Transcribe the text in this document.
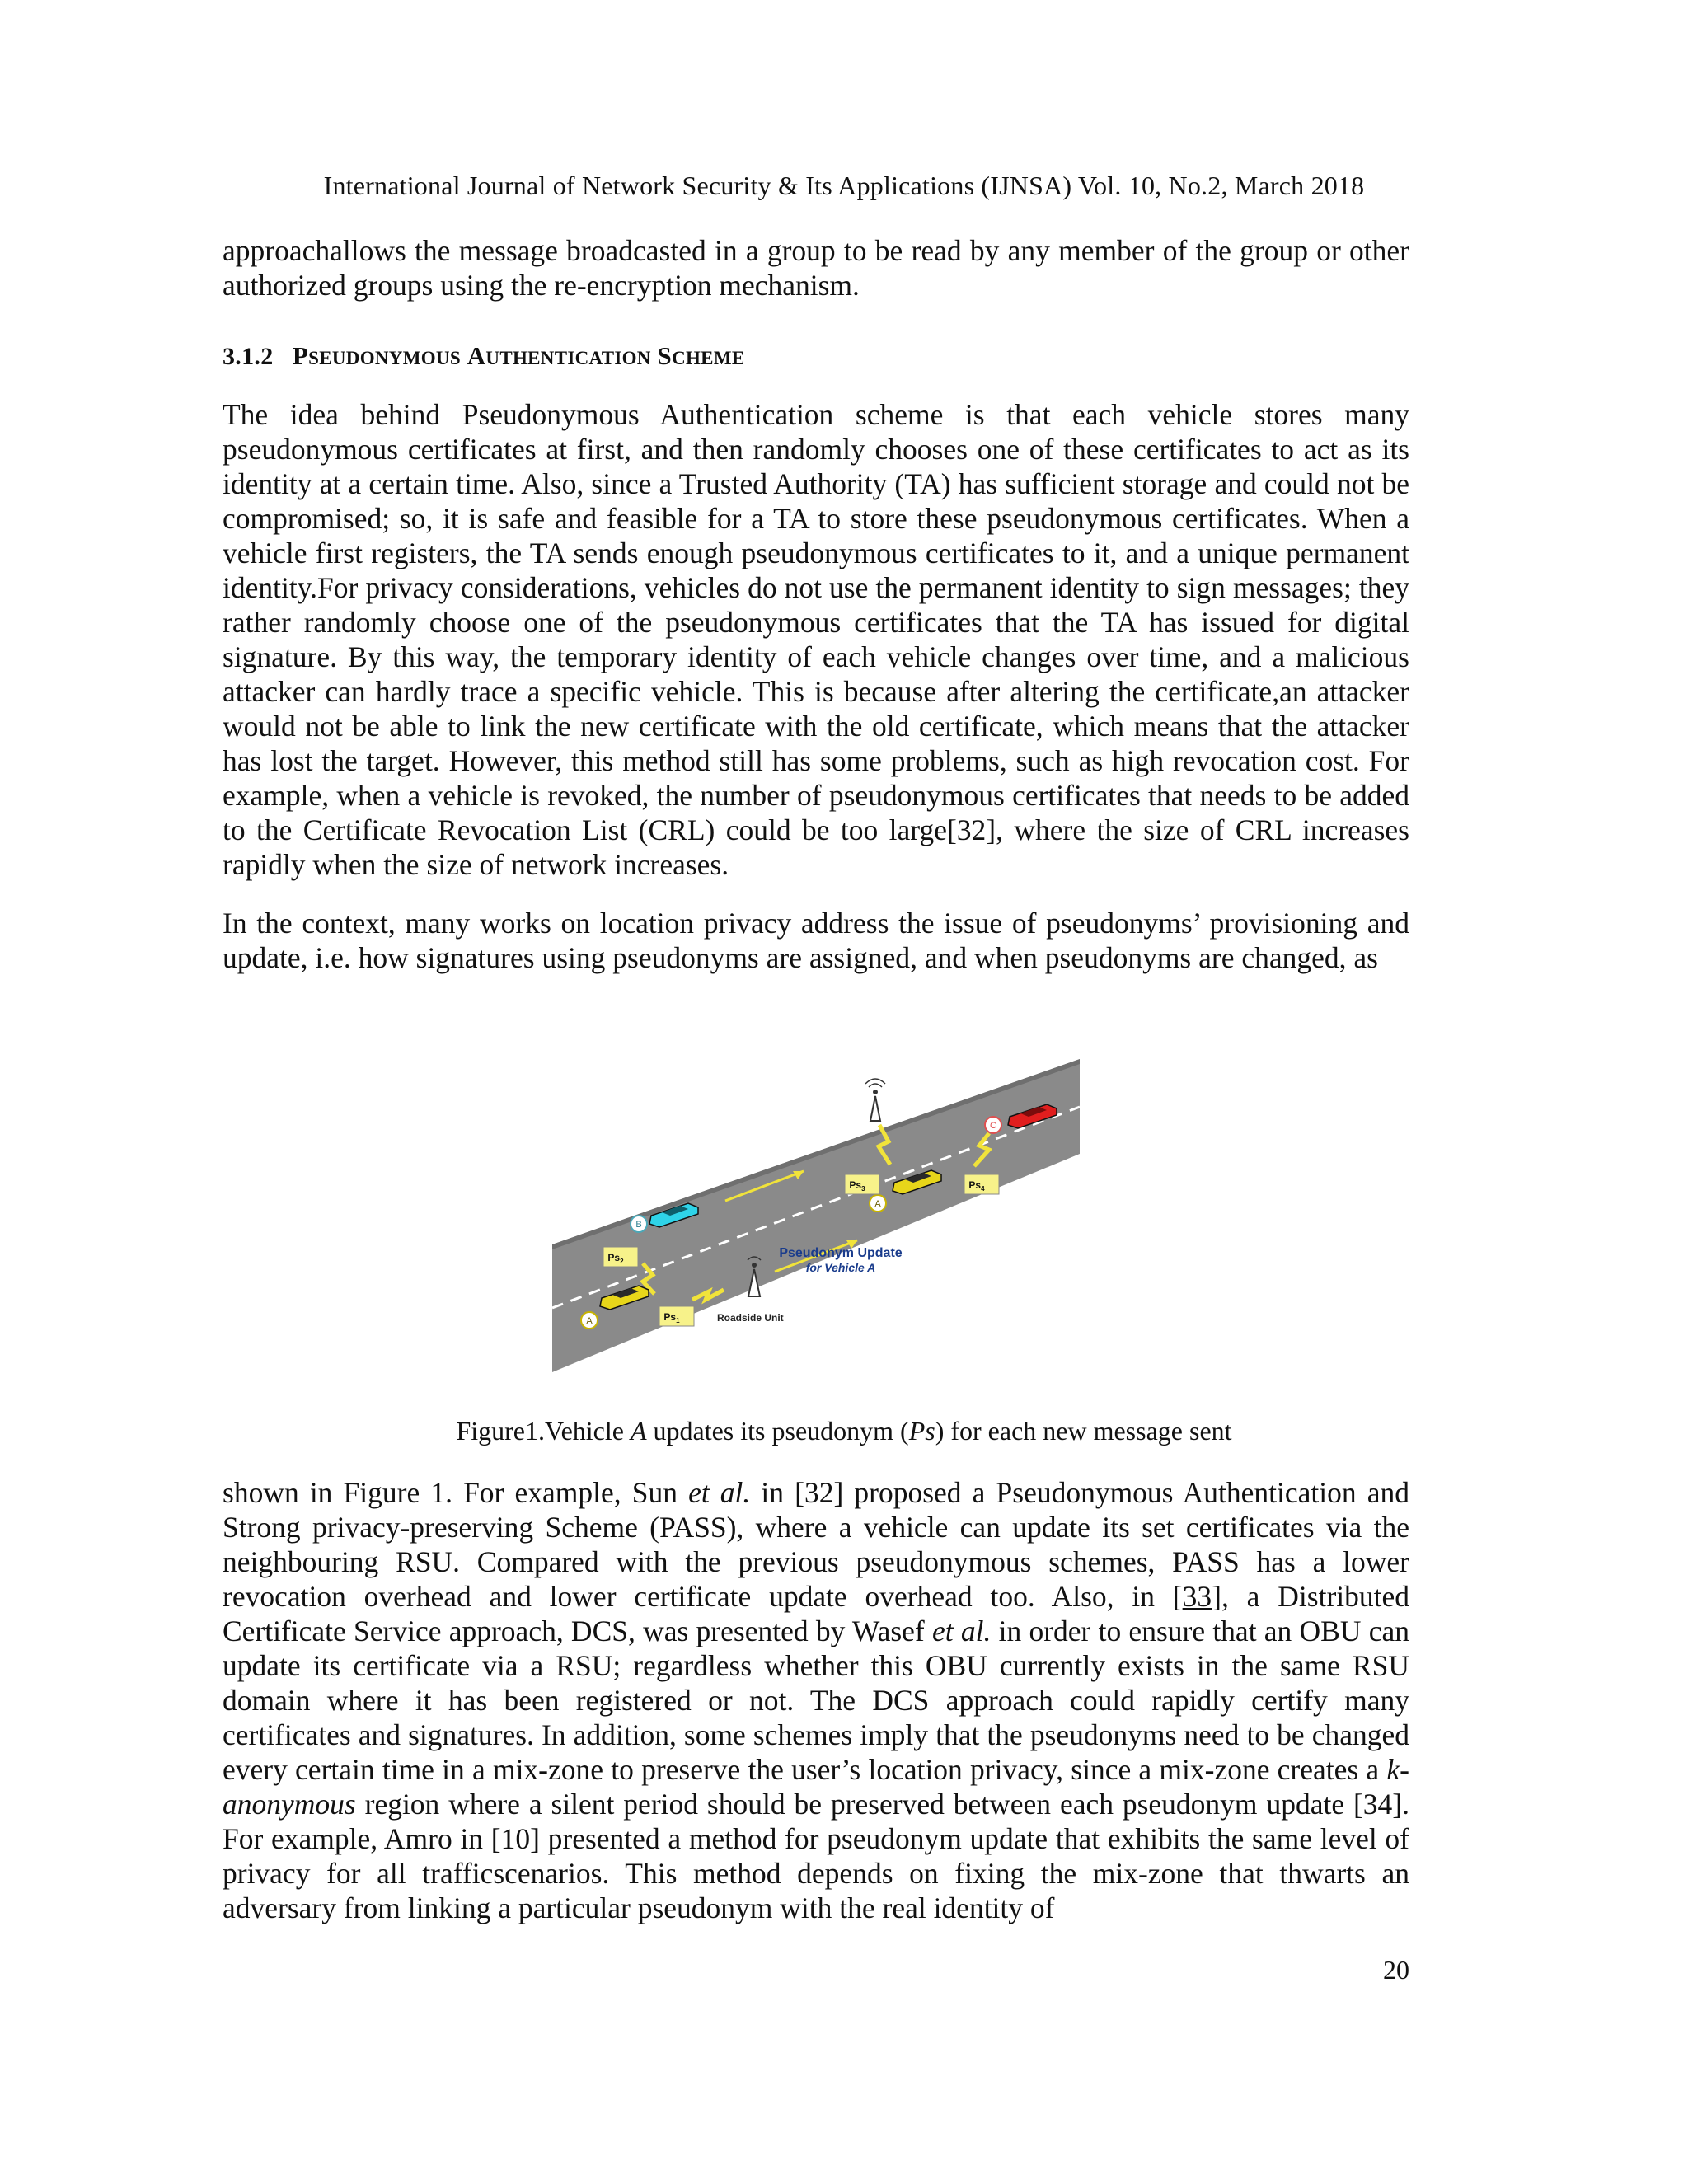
International Journal of Network Security & Its Applications (IJNSA) Vol. 10, No.2, March 2018

approachallows the message broadcasted in a group to be read by any member of the group or other authorized groups using the re-encryption mechanism.

3.1.2 PSEUDONYMOUS AUTHENTICATION SCHEME

The idea behind Pseudonymous Authentication scheme is that each vehicle stores many pseudonymous certificates at first, and then randomly chooses one of these certificates to act as its identity at a certain time. Also, since a Trusted Authority (TA) has sufficient storage and could not be compromised; so, it is safe and feasible for a TA to store these pseudonymous certificates. When a vehicle first registers, the TA sends enough pseudonymous certificates to it, and a unique permanent identity.For privacy considerations, vehicles do not use the permanent identity to sign messages; they rather randomly choose one of the pseudonymous certificates that the TA has issued for digital signature. By this way, the temporary identity of each vehicle changes over time, and a malicious attacker can hardly trace a specific vehicle. This is because after altering the certificate,an attacker would not be able to link the new certificate with the old certificate, which means that the attacker has lost the target. However, this method still has some problems, such as high revocation cost. For example, when a vehicle is revoked, the number of pseudonymous certificates that needs to be added to the Certificate Revocation List (CRL) could be too large[32], where the size of CRL increases rapidly when the size of network increases.

In the context, many works on location privacy address the issue of pseudonyms’ provisioning and update, i.e. how signatures using pseudonyms are assigned, and when pseudonyms are changed, as

C
A
B
A
$Ps_3$	$Ps_4$
$Ps_2$
$Ps_1$	Roadside Unit
Pseudonym Update
for Vehicle A
Figure1.Vehicle A updates its pseudonym (Ps) for each new message sent

shown in Figure 1. For example, Sun et al. in [32] proposed a Pseudonymous Authentication and Strong privacy-preserving Scheme (PASS), where a vehicle can update its set certificates via the neighbouring RSU. Compared with the previous pseudonymous schemes, PASS has a lower revocation overhead and lower certificate update overhead too. Also, in [33], a Distributed Certificate Service approach, DCS, was presented by Wasef et al. in order to ensure that an OBU can update its certificate via a RSU; regardless whether this OBU currently exists in the same RSU domain where it has been registered or not. The DCS approach could rapidly certify many certificates and signatures. In addition, some schemes imply that the pseudonyms need to be changed every certain time in a mix-zone to preserve the user’s location privacy, since a mix-zone creates a k-anonymous region where a silent period should be preserved between each pseudonym update [34]. For example, Amro in [10] presented a method for pseudonym update that exhibits the same level of privacy for all trafficscenarios. This method depends on fixing the mix-zone that thwarts an adversary from linking a particular pseudonym with the real identity of

20
